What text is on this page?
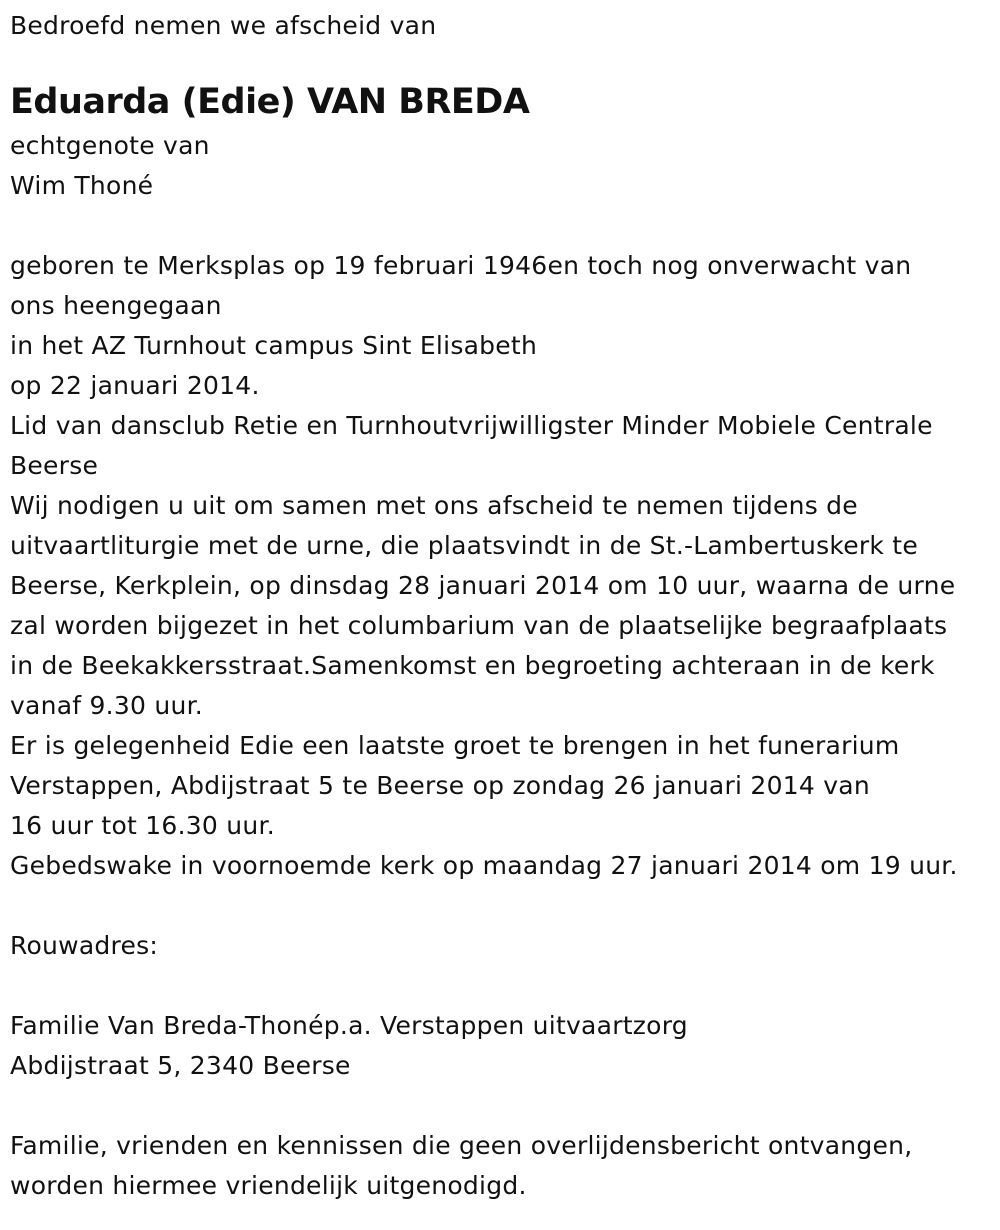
Bedroefd nemen we afscheid van
Eduarda (Edie) VAN BREDA
echtgenote van
Wim Thoné
geboren te Merksplas op 19 februari 1946en toch nog onverwacht van
ons heengegaan
in het AZ Turnhout campus Sint Elisabeth
op 22 januari 2014.
Lid van dansclub Retie en Turnhoutvrijwilligster Minder Mobiele Centrale
Beerse
Wij nodigen u uit om samen met ons afscheid te nemen tijdens de
uitvaartliturgie met de urne, die plaatsvindt in de St.-Lambertuskerk te
Beerse, Kerkplein, op dinsdag 28 januari 2014 om 10 uur, waarna de urne
zal worden bijgezet in het columbarium van de plaatselijke begraafplaats
in de Beekakkersstraat.Samenkomst en begroeting achteraan in de kerk
vanaf 9.30 uur.
Er is gelegenheid Edie een laatste groet te brengen in het funerarium
Verstappen, Abdijstraat 5 te Beerse op zondag 26 januari 2014 van
16 uur tot 16.30 uur.
Gebedswake in voornoemde kerk op maandag 27 januari 2014 om 19 uur.
Rouwadres:
Familie Van Breda-Thonép.a. Verstappen uitvaartzorg
Abdijstraat 5, 2340 Beerse
Familie, vrienden en kennissen die geen overlijdensbericht ontvangen,
worden hiermee vriendelijk uitgenodigd.
